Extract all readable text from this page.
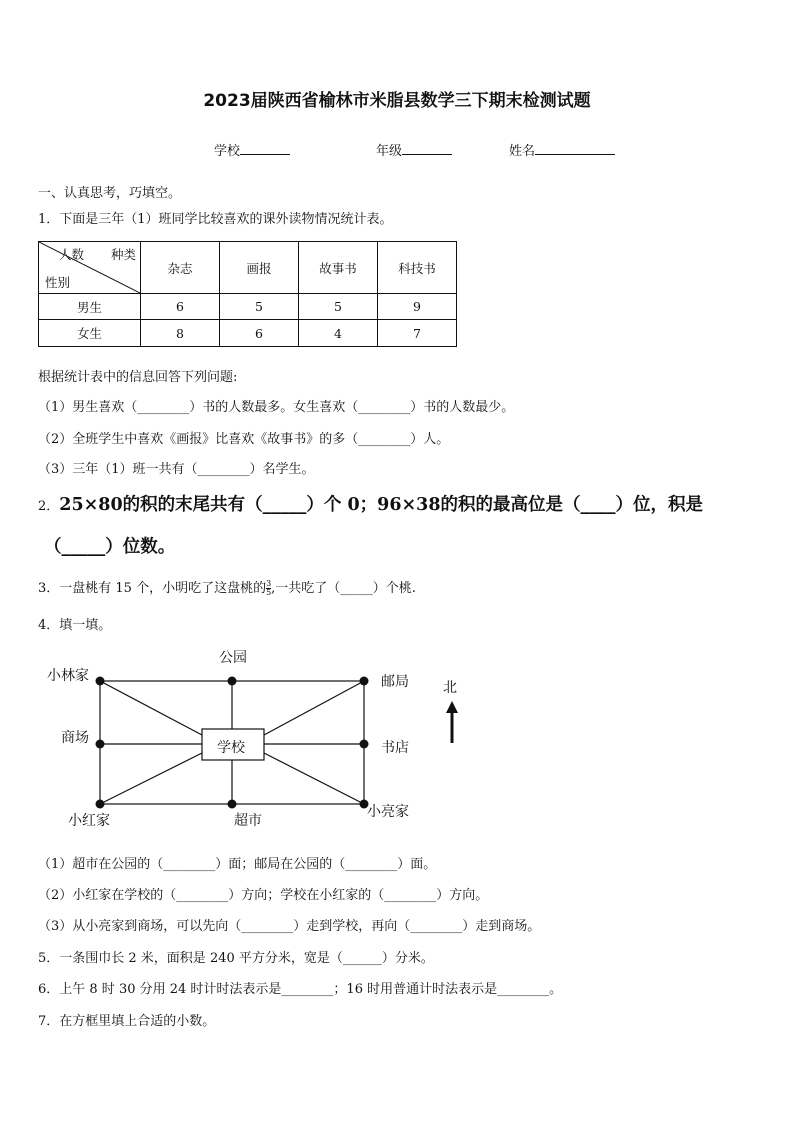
2023届陕西省榆林市米脂县数学三下期末检测试题
学校	年级	姓名
一、认真思考，巧填空。
1．下面是三年（1）班同学比较喜欢的课外读物情况统计表。
人数 种类
性别	杂志	画报	故事书	科技书
男生	6	5	5	9
女生	8	6	4	7
根据统计表中的信息回答下列问题:
（1）男生喜欢（________）书的人数最多。女生喜欢（________）书的人数最少。
（2）全班学生中喜欢《画报》比喜欢《故事书》的多（________）人。
（3）三年（1）班一共有（________）名学生。
2．25×80的积的末尾共有（_____）个 0；96×38的积的最高位是（____）位，积是
（_____）位数。
3．一盘桃有 15 个，小明吃了这盘桃的 $\frac{3}{5}$ ,一共吃了（_____）个桃.
4．填一填。
公园
小林家	邮局
商场
学校	书店
小红家	超市
小亮家
北
（1）超市在公园的（________）面；邮局在公园的（________）面。
（2）小红家在学校的（________）方向；学校在小红家的（________）方向。
（3）从小亮家到商场，可以先向（________）走到学校，再向（________）走到商场。
5．一条围巾长 2 米，面积是 240 平方分米，宽是（______）分米。
6．上午 8 时 30 分用 24 时计时法表示是________；16 时用普通计时法表示是________。
7．在方框里填上合适的小数。
